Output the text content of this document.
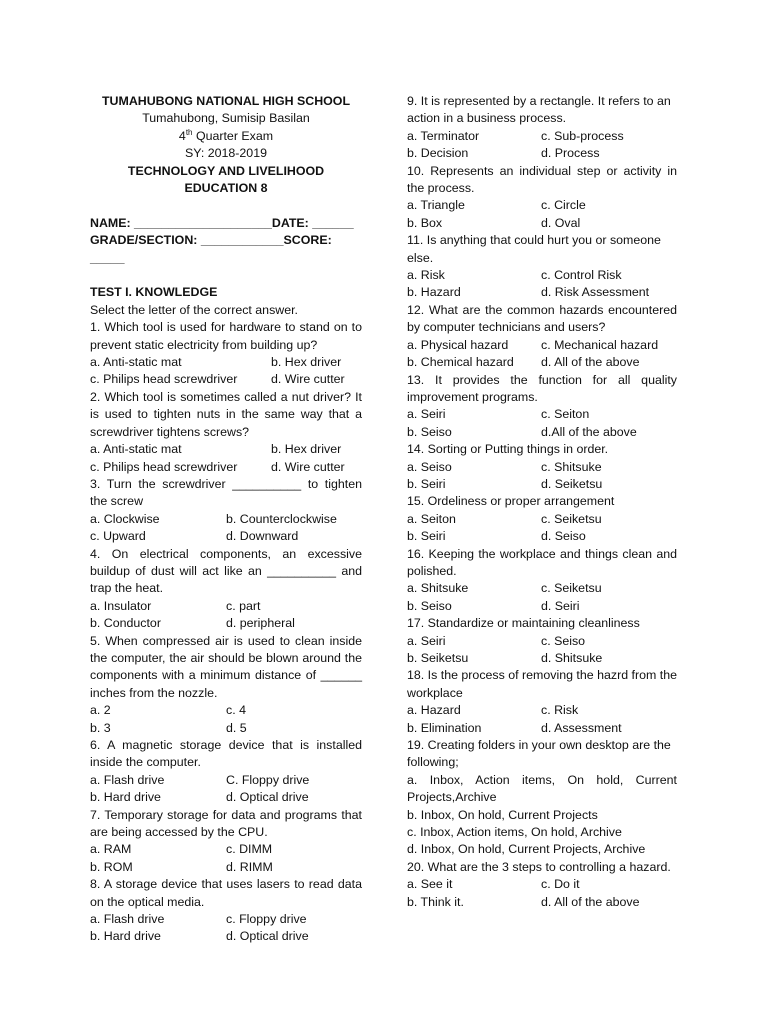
TUMAHUBONG NATIONAL HIGH SCHOOL
Tumahubong, Sumisip Basilan
4th Quarter Exam
SY: 2018-2019
TECHNOLOGY AND LIVELIHOOD EDUCATION 8
NAME: ____________________DATE: ______
GRADE/SECTION: ____________SCORE: _____
TEST I. KNOWLEDGE
Select the letter of the correct answer.
1. Which tool is used for hardware to stand on to prevent static electricity from building up?
a. Anti-static mat	b. Hex driver
c. Philips head screwdriver	d. Wire cutter
2. Which tool is sometimes called a nut driver? It is used to tighten nuts in the same way that a screwdriver tightens screws?
a. Anti-static mat	b. Hex driver
c. Philips head screwdriver	d. Wire cutter
3. Turn the screwdriver __________ to tighten the screw
a. Clockwise	b. Counterclockwise
c. Upward	d. Downward
4. On electrical components, an excessive buildup of dust will act like an __________ and trap the heat.
a. Insulator	c. part
b. Conductor	d. peripheral
5. When compressed air is used to clean inside the computer, the air should be blown around the components with a minimum distance of ______ inches from the nozzle.
a. 2	c. 4
b. 3	d. 5
6. A magnetic storage device that is installed inside the computer.
a. Flash drive	C. Floppy drive
b. Hard drive	d. Optical drive
7. Temporary storage for data and programs that are being accessed by the CPU.
a. RAM	c. DIMM
b. ROM	d. RIMM
8. A storage device that uses lasers to read data on the optical media.
a. Flash drive	c. Floppy drive
b. Hard drive	d. Optical drive
9. It is represented by a rectangle. It refers to an action in a business process.
a. Terminator	c. Sub-process
b. Decision	d. Process
10. Represents an individual step or activity in the process.
a. Triangle	c. Circle
b. Box	d. Oval
11. Is anything that could hurt you or someone else.
a. Risk	c. Control Risk
b. Hazard	d. Risk Assessment
12. What are the common hazards encountered by computer technicians and users?
a. Physical hazard	c. Mechanical hazard
b. Chemical hazard	d. All of the above
13. It provides the function for all quality improvement programs.
a. Seiri	c. Seiton
b. Seiso	d.All of the above
14. Sorting or Putting things in order.
a. Seiso	c. Shitsuke
b. Seiri	d. Seiketsu
15. Ordeliness or proper arrangement
a. Seiton	c. Seiketsu
b. Seiri	d. Seiso
16. Keeping the workplace and things clean and polished.
a. Shitsuke	c. Seiketsu
b. Seiso	d. Seiri
17. Standardize or maintaining cleanliness
a. Seiri	c. Seiso
b. Seiketsu	d. Shitsuke
18. Is the process of removing the hazrd from the workplace
a. Hazard	c. Risk
b. Elimination	d. Assessment
19. Creating folders in your own desktop are the following;
a. Inbox, Action items, On hold, Current Projects,Archive
b. Inbox, On hold, Current Projects
c. Inbox, Action items, On hold, Archive
d. Inbox, On hold, Current Projects, Archive
20. What are the 3 steps to controlling a hazard.
a. See it	c. Do it
b. Think it.	d. All of the above
